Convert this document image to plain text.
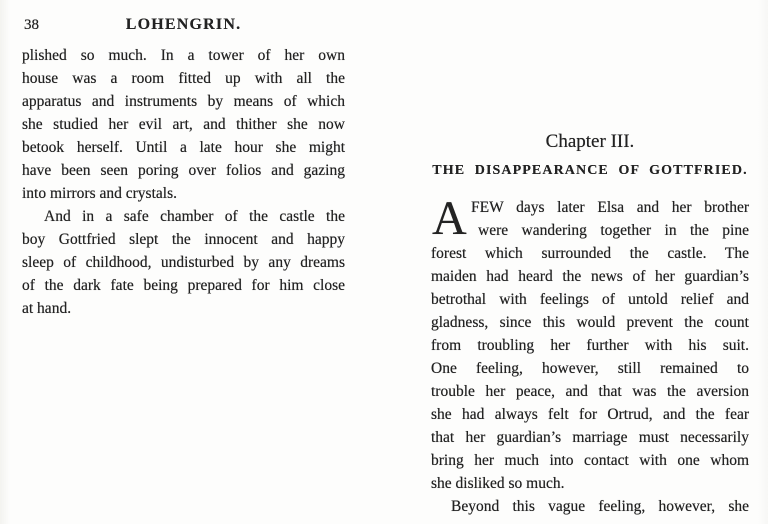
38	LOHENGRIN.
plished so much. In a tower of her own
house was a room fitted up with all the
apparatus and instruments by means of which
she studied her evil art, and thither she now
betook herself. Until a late hour she might
have been seen poring over folios and gazing
into mirrors and crystals.
And in a safe chamber of the castle the
boy Gottfried slept the innocent and happy
sleep of childhood, undisturbed by any dreams
of the dark fate being prepared for him close
at hand.
Chapter III.
THE DISAPPEARANCE OF GOTTFRIED.
A FEW days later Elsa and her brother
were wandering together in the pine
forest which surrounded the castle. The
maiden had heard the news of her guardian’s
betrothal with feelings of untold relief and
gladness, since this would prevent the count
from troubling her further with his suit.
One feeling, however, still remained to
trouble her peace, and that was the aversion
she had always felt for Ortrud, and the fear
that her guardian’s marriage must necessarily
bring her much into contact with one whom
she disliked so much.
Beyond this vague feeling, however, she
